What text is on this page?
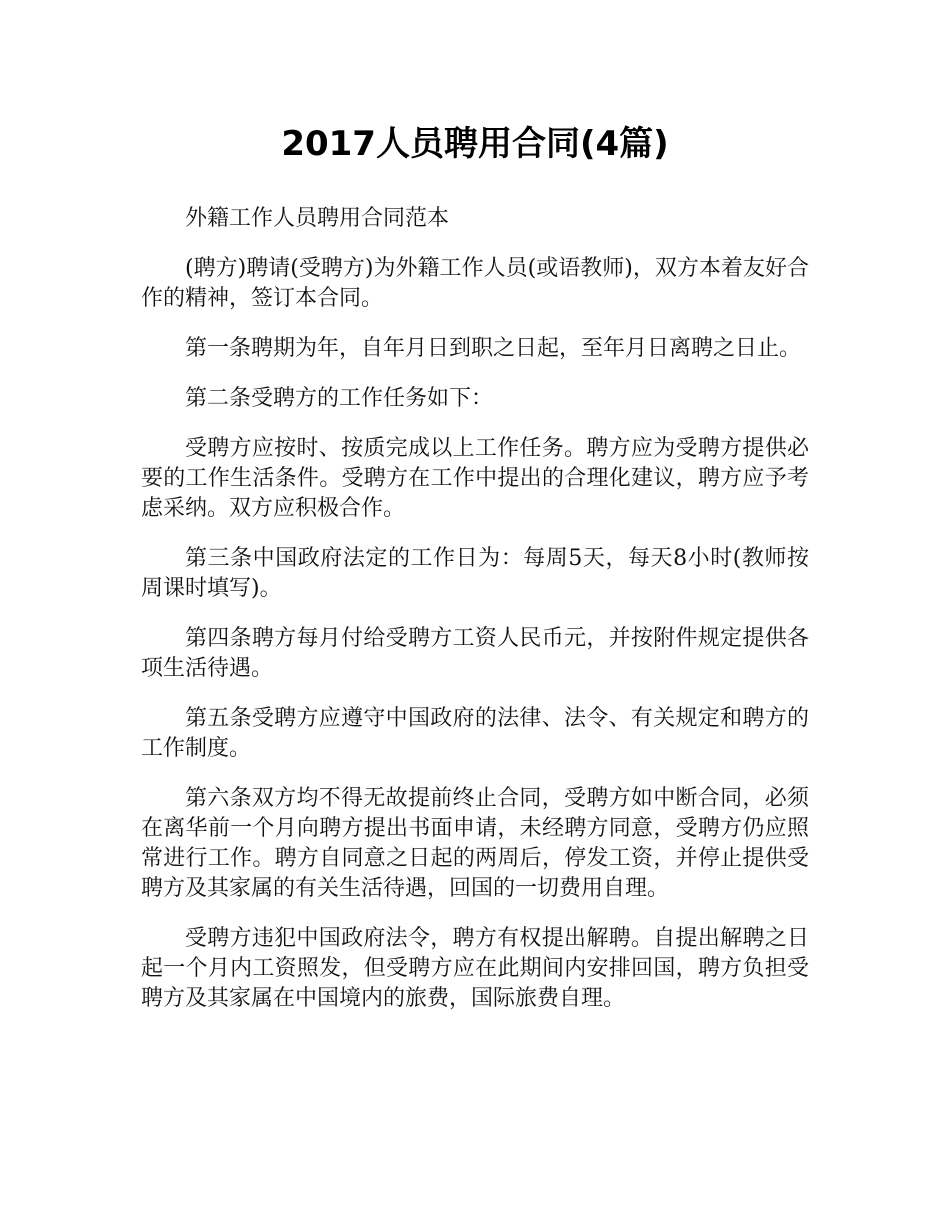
2017人员聘用合同(4篇)

外籍工作人员聘用合同范本

(聘方)聘请(受聘方)为外籍工作人员(或语教师)，双方本着友好合作的精神，签订本合同。

第一条聘期为年，自年月日到职之日起，至年月日离聘之日止。

第二条受聘方的工作任务如下：

受聘方应按时、按质完成以上工作任务。聘方应为受聘方提供必要的工作生活条件。受聘方在工作中提出的合理化建议，聘方应予考虑采纳。双方应积极合作。

第三条中国政府法定的工作日为：每周5天，每天8小时(教师按周课时填写)。

第四条聘方每月付给受聘方工资人民币元，并按附件规定提供各项生活待遇。

第五条受聘方应遵守中国政府的法律、法令、有关规定和聘方的工作制度。

第六条双方均不得无故提前终止合同，受聘方如中断合同，必须在离华前一个月向聘方提出书面申请，未经聘方同意，受聘方仍应照常进行工作。聘方自同意之日起的两周后，停发工资，并停止提供受聘方及其家属的有关生活待遇，回国的一切费用自理。

受聘方违犯中国政府法令，聘方有权提出解聘。自提出解聘之日起一个月内工资照发，但受聘方应在此期间内安排回国，聘方负担受聘方及其家属在中国境内的旅费，国际旅费自理。
